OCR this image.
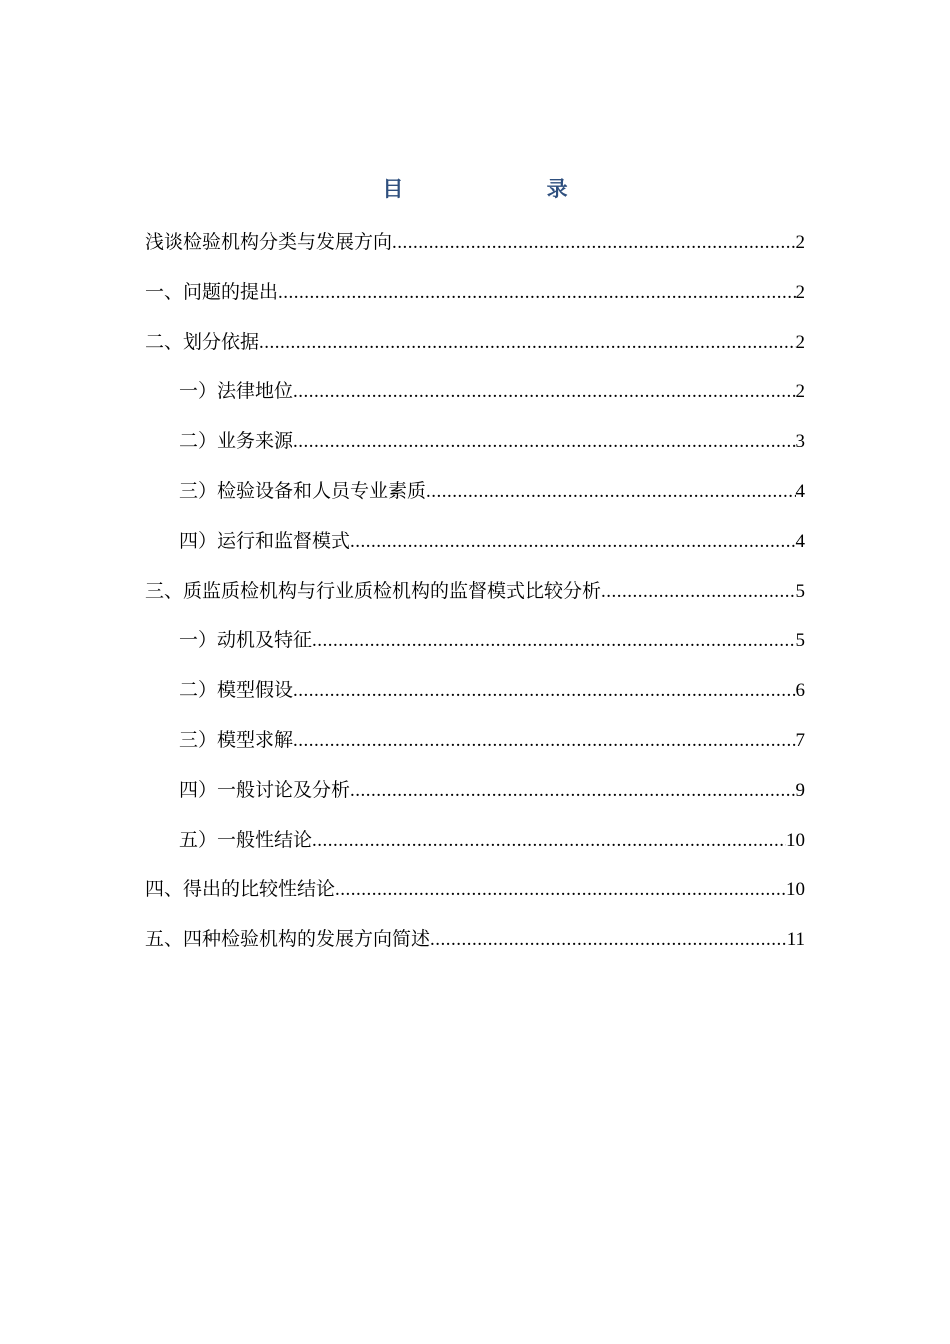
目 录
浅谈检验机构分类与发展方向 .....	2
一、问题的提出 .....	2
二、划分依据 .....	2
一）法律地位 .....	2
二）业务来源 .....	3
三）检验设备和人员专业素质 .....	4
四）运行和监督模式 .....	4
三、质监质检机构与行业质检机构的监督模式比较分析 .....	5
一）动机及特征 .....	5
二）模型假设 .....	6
三）模型求解 .....	7
四）一般讨论及分析 .....	9
五）一般性结论 .....	10
四、得出的比较性结论 .....	10
五、四种检验机构的发展方向简述 .....	11
